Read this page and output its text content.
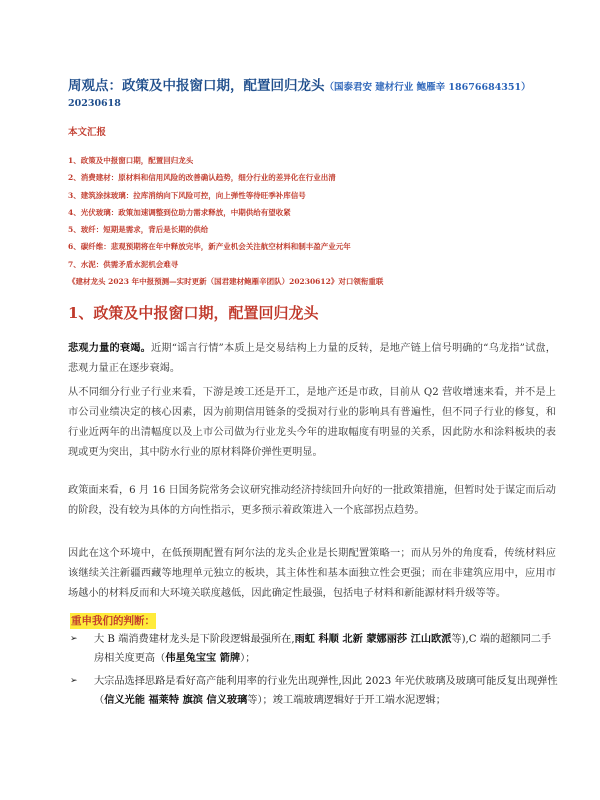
周观点：政策及中报窗口期，配置回归龙头（国泰君安 建材行业 鲍雁辛 18676684351）
20230618
本文汇报
1、政策及中报窗口期，配置回归龙头
2、消费建材：原材料和信用风险的改善确认趋势，细分行业的差异化在行业出清
3、建筑涂抹玻璃：拉库消纳向下风险可控，向上弹性等待旺季补库信号
4、光伏玻璃：政策加速调整到位助力需求释放，中期供给有望收紧
5、玻纤：短期是需求，背后是长期的供给
6、碳纤维：悲观预期将在年中释放完毕，新产业机会关注航空材料和制丰盈产业元年
7、水泥：供需矛盾水泥机会难寻
《建材龙头 2023 年中报预测—实时更新（国君建材鲍雁辛团队）20230612》对口领衔重联
1、政策及中报窗口期，配置回归龙头

悲观力量的衰竭。近期“谣言行情”本质上是交易结构上力量的反转，是地产链上信号明确的“乌龙指”试盘，悲观力量正在逐步衰竭。

从不同细分行业子行业来看，下游是竣工还是开工，是地产还是市政，目前从 Q2 营收增速来看，并不是上市公司业绩决定的核心因素，因为前期信用链条的受损对行业的影响具有普遍性，但不同子行业的修复，和行业近两年的出清幅度以及上市公司做为行业龙头今年的进取幅度有明显的关系，因此防水和涂料板块的表现或更为突出，其中防水行业的原材料降价弹性更明显。

政策面来看，6 月 16 日国务院常务会议研究推动经济持续回升向好的一批政策措施，但暂时处于谋定而后动的阶段，没有较为具体的方向性指示，更多预示着政策进入一个底部拐点趋势。

因此在这个环境中，在低预期配置有阿尔法的龙头企业是长期配置策略一；而从另外的角度看，传统材料应该继续关注新疆西藏等地理单元独立的板块，其主体性和基本面独立性会更强；而在非建筑应用中，应用市场越小的材料反而和大环境关联度越低，因此确定性最强，包括电子材料和新能源材料升级等等。

重申我们的判断：
➢ 大 B 端消费建材龙头是下阶段逻辑最强所在,雨虹 科顺 北新 蒙娜丽莎 江山欧派等),C 端的超额同二手房相关度更高（伟星兔宝宝 箭牌）；
➢ 大宗品选择思路是看好高产能利用率的行业先出现弹性,因此 2023 年光伏玻璃及玻璃可能反复出现弹性（信义光能 福莱特 旗滨 信义玻璃等）；竣工端玻璃逻辑好于开工端水泥逻辑；
